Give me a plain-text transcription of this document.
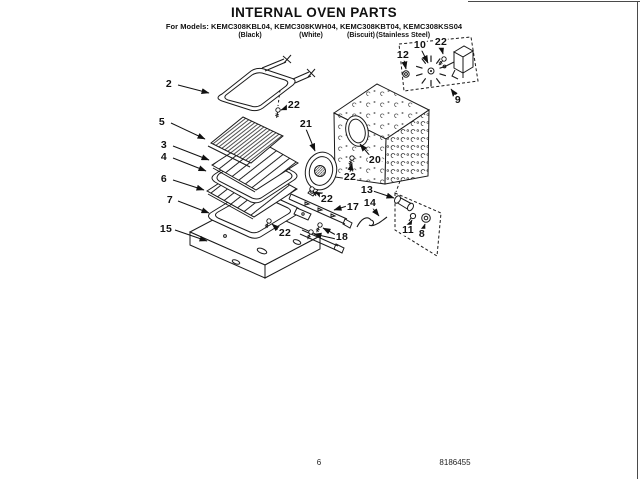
INTERNAL OVEN PARTS
For Models: KEMC308KBL04, KEMC308KWH04, KEMC308KBT04, KEMC308KSS04
(Black)	(White)	(Biscuit) (Stainless Steel)
2
22
5
3
4
6
7
15
21
20
22
22
17
13
14
18
22	11 8
10 22
12
9
6	8186455
